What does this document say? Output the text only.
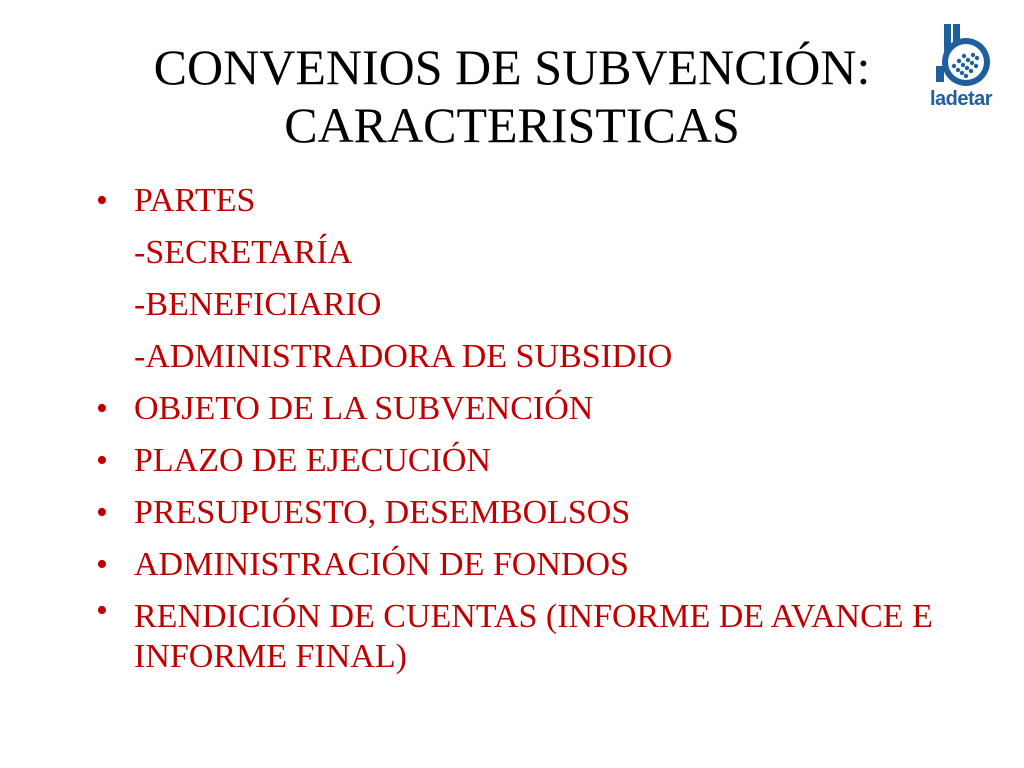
CONVENIOS DE SUBVENCIÓN:
CARACTERISTICAS	ladetar
• PARTES
-SECRETARÍA
-BENEFICIARIO
-ADMINISTRADORA DE SUBSIDIO
• OBJETO DE LA SUBVENCIÓN
• PLAZO DE EJECUCIÓN
• PRESUPUESTO, DESEMBOLSOS
• ADMINISTRACIÓN DE FONDOS
• RENDICIÓN DE CUENTAS (INFORME DE AVANCE E INFORME FINAL)
